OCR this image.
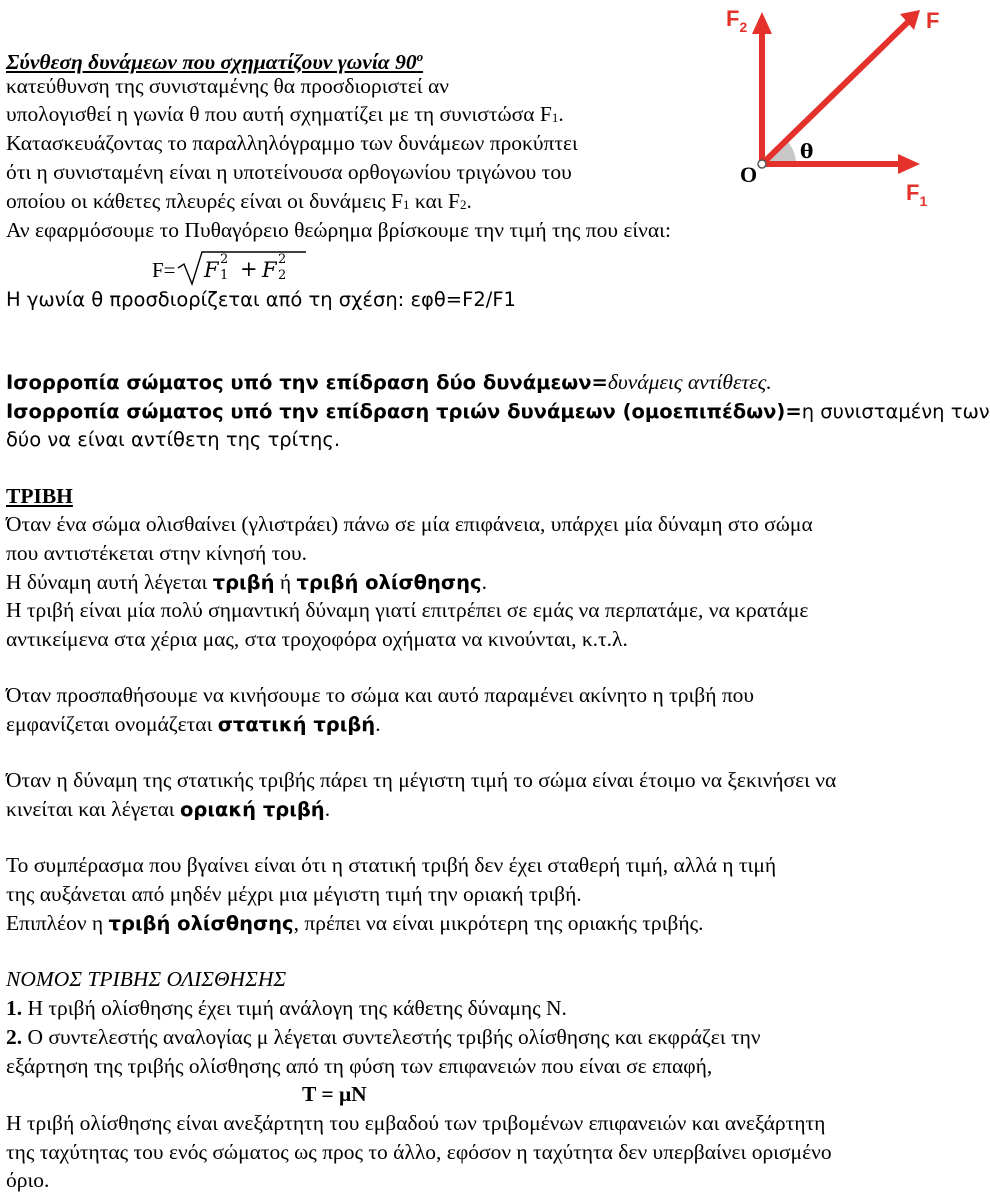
Σύνθεση δυνάμεων που σχηματίζουν γωνία $90^o$
κατεύθυνση της συνισταμένης θα προσδιοριστεί αν
υπολογισθεί η γωνία θ που αυτή σχηματίζει με τη συνιστώσα F1.
Κατασκευάζοντας το παραλληλόγραμμο των δυνάμεων προκύπτει
ότι η συνισταμένη είναι η υποτείνουσα ορθογωνίου τριγώνου του
οποίου οι κάθετες πλευρές είναι οι δυνάμεις F1 και F2.
Αν εφαρμόσουμε το Πυθαγόρειο θεώρημα βρίσκουμε την τιμή της που είναι:
F= F 2
1 + F 2
2
Η γωνία θ προσδιορίζεται από τη σχέση: εφθ=F2/F1
$F_2$	F
O
θ
$F_1$
Ισορροπία σώματος υπό την επίδραση δύο δυνάμεων=δυνάμεις αντίθετες.
Ισορροπία σώματος υπό την επίδραση τριών δυνάμεων (ομοεπιπέδων)=η συνισταμένη των
δύο να είναι αντίθετη της τρίτης.
ΤΡΙΒΗ
Όταν ένα σώμα ολισθαίνει (γλιστράει) πάνω σε μία επιφάνεια, υπάρχει μία δύναμη στο σώμα
που αντιστέκεται στην κίνησή του.
Η δύναμη αυτή λέγεται τριβή ή τριβή ολίσθησης.
Η τριβή είναι μία πολύ σημαντική δύναμη γιατί επιτρέπει σε εμάς να περπατάμε, να κρατάμε
αντικείμενα στα χέρια μας, στα τροχοφόρα οχήματα να κινούνται, κ.τ.λ.
Όταν προσπαθήσουμε να κινήσουμε το σώμα και αυτό παραμένει ακίνητο η τριβή που
εμφανίζεται ονομάζεται στατική τριβή.
Όταν η δύναμη της στατικής τριβής πάρει τη μέγιστη τιμή το σώμα είναι έτοιμο να ξεκινήσει να
κινείται και λέγεται οριακή τριβή.
Το συμπέρασμα που βγαίνει είναι ότι η στατική τριβή δεν έχει σταθερή τιμή, αλλά η τιμή
της αυξάνεται από μηδέν μέχρι μια μέγιστη τιμή την οριακή τριβή.
Επιπλέον η τριβή ολίσθησης, πρέπει να είναι μικρότερη της οριακής τριβής.
ΝΟΜΟΣ ΤΡΙΒΗΣ ΟΛΙΣΘΗΣΗΣ
1. Η τριβή ολίσθησης έχει τιμή ανάλογη της κάθετης δύναμης Ν.
2. Ο συντελεστής αναλογίας μ λέγεται συντελεστής τριβής ολίσθησης και εκφράζει την
εξάρτηση της τριβής ολίσθησης από τη φύση των επιφανειών που είναι σε επαφή,
T = μN
Η τριβή ολίσθησης είναι ανεξάρτητη του εμβαδού των τριβομένων επιφανειών και ανεξάρτητη
της ταχύτητας του ενός σώματος ως προς το άλλο, εφόσον η ταχύτητα δεν υπερβαίνει ορισμένο
όριο.
